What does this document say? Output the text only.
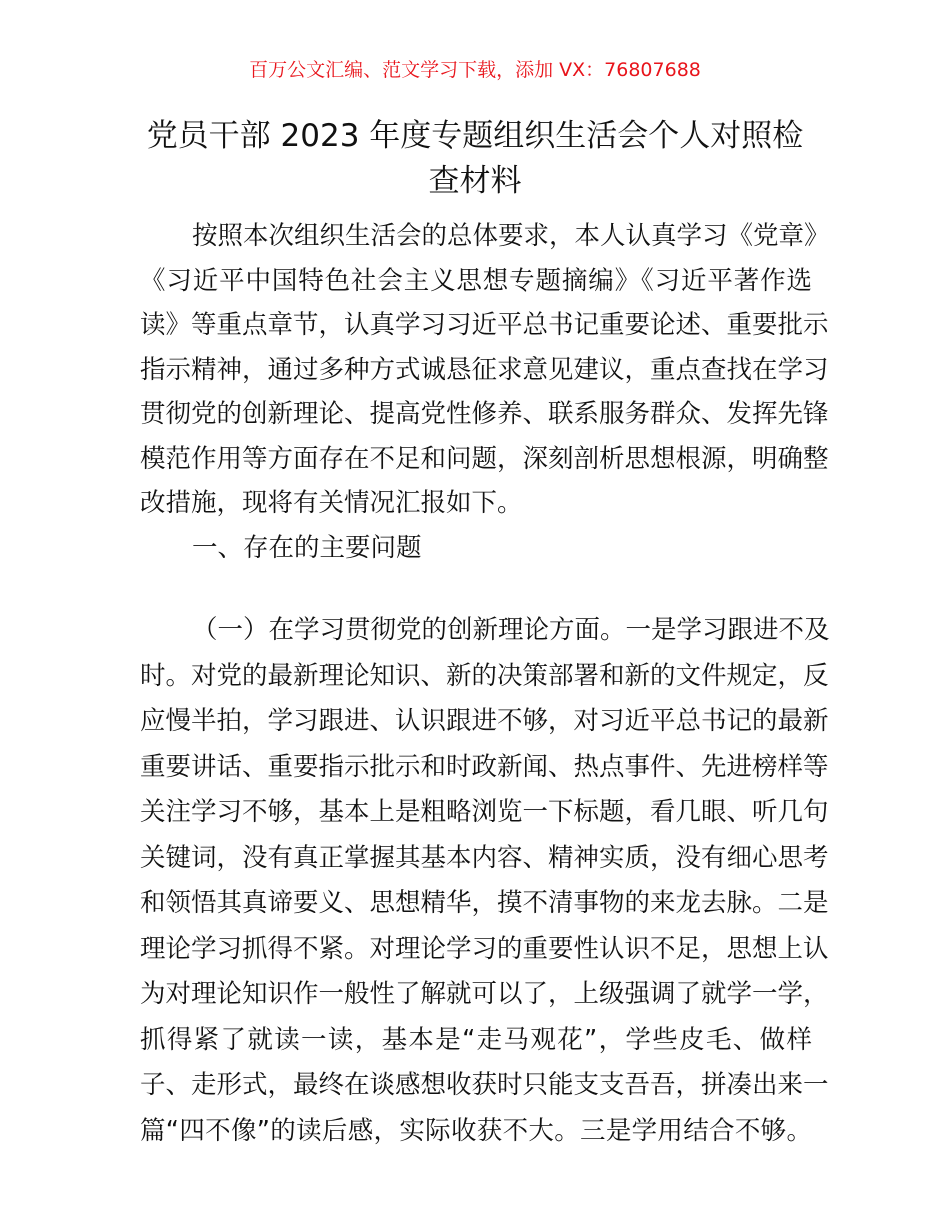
百万公文汇编、范文学习下载，添加 VX：76807688
党员干部 2023 年度专题组织生活会个人对照检
查材料
按照本次组织生活会的总体要求，本人认真学习《党章》
《习近平中国特色社会主义思想专题摘编》《习近平著作选
读》等重点章节，认真学习习近平总书记重要论述、重要批示
指示精神，通过多种方式诚恳征求意见建议，重点查找在学习
贯彻党的创新理论、提高党性修养、联系服务群众、发挥先锋
模范作用等方面存在不足和问题，深刻剖析思想根源，明确整
改措施，现将有关情况汇报如下。
一、存在的主要问题
（一）在学习贯彻党的创新理论方面。一是学习跟进不及
时。对党的最新理论知识、新的决策部署和新的文件规定，反
应慢半拍，学习跟进、认识跟进不够，对习近平总书记的最新
重要讲话、重要指示批示和时政新闻、热点事件、先进榜样等
关注学习不够，基本上是粗略浏览一下标题，看几眼、听几句
关键词，没有真正掌握其基本内容、精神实质，没有细心思考
和领悟其真谛要义、思想精华，摸不清事物的来龙去脉。二是
理论学习抓得不紧。对理论学习的重要性认识不足，思想上认
为对理论知识作一般性了解就可以了，上级强调了就学一学，
抓得紧了就读一读，基本是“走马观花”，学些皮毛、做样
子、走形式，最终在谈感想收获时只能支支吾吾，拼凑出来一
篇“四不像”的读后感，实际收获不大。三是学用结合不够。
